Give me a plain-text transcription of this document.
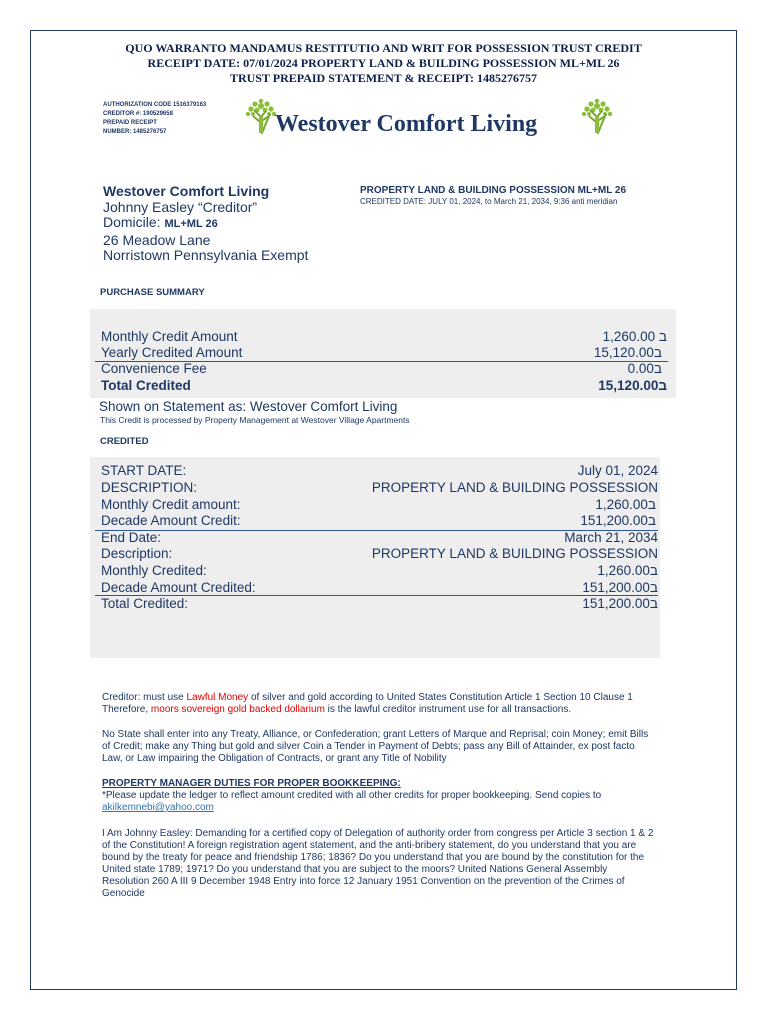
QUO WARRANTO MANDAMUS RESTITUTIO AND WRIT FOR POSSESSION TRUST CREDIT
RECEIPT DATE: 07/01/2024 PROPERTY LAND & BUILDING POSSESSION ML+ML 26
TRUST PREPAID STATEMENT & RECEIPT: 1485276757
AUTHORIZATION CODE 1516379163
CREDITOR #: 190529658
PREPAID RECEIPT
NUMBER: 1485276757	Westover Comfort Living
Westover Comfort Living
Johnny Easley “Creditor”
Domicile: ML+ML 26
26 Meadow Lane
Norristown Pennsylvania Exempt
PROPERTY LAND & BUILDING POSSESSION ML+ML 26
CREDITED DATE: JULY 01, 2024, to March 21, 2034, 9:36 anti meridian
PURCHASE SUMMARY
Monthly Credit Amount	ב 1,260.00
Yearly Credited Amount	ב15,120.00
Convenience Fee	ב0.00
Total Credited	ב15,120.00
Shown on Statement as: Westover Comfort Living
This Credit is processed by Property Management at Westover Village Apartments
CREDITED
START DATE:	July 01, 2024
DESCRIPTION:	PROPERTY LAND & BUILDING POSSESSION
Monthly Credit amount:	ב1,260.00
Decade Amount Credit:	ב151,200.00
End Date:	March 21, 2034
Description:	PROPERTY LAND & BUILDING POSSESSION
Monthly Credited:	ב1,260.00
Decade Amount Credited:	ב151,200.00
Total Credited:	ב151,200.00
Creditor: must use Lawful Money of silver and gold according to United States Constitution Article 1 Section 10 Clause 1 Therefore, moors sovereign gold backed dollarium is the lawful creditor instrument use for all transactions.
No State shall enter into any Treaty, Alliance, or Confederation; grant Letters of Marque and Reprisal; coin Money; emit Bills of Credit; make any Thing but gold and silver Coin a Tender in Payment of Debts; pass any Bill of Attainder, ex post facto Law, or Law impairing the Obligation of Contracts, or grant any Title of Nobility
PROPERTY MANAGER DUTIES FOR PROPER BOOKKEEPING:
*Please update the ledger to reflect amount credited with all other credits for proper bookkeeping. Send copies to akilkemnebi@yahoo.com
I Am Johnny Easley: Demanding for a certified copy of Delegation of authority order from congress per Article 3 section 1 & 2 of the Constitution! A foreign registration agent statement, and the anti-bribery statement, do you understand that you are bound by the treaty for peace and friendship 1786; 1836? Do you understand that you are bound by the constitution for the United state 1789; 1971? Do you understand that you are subject to the moors? United Nations General Assembly Resolution 260 A III 9 December 1948 Entry into force 12 January 1951 Convention on the prevention of the Crimes of Genocide
